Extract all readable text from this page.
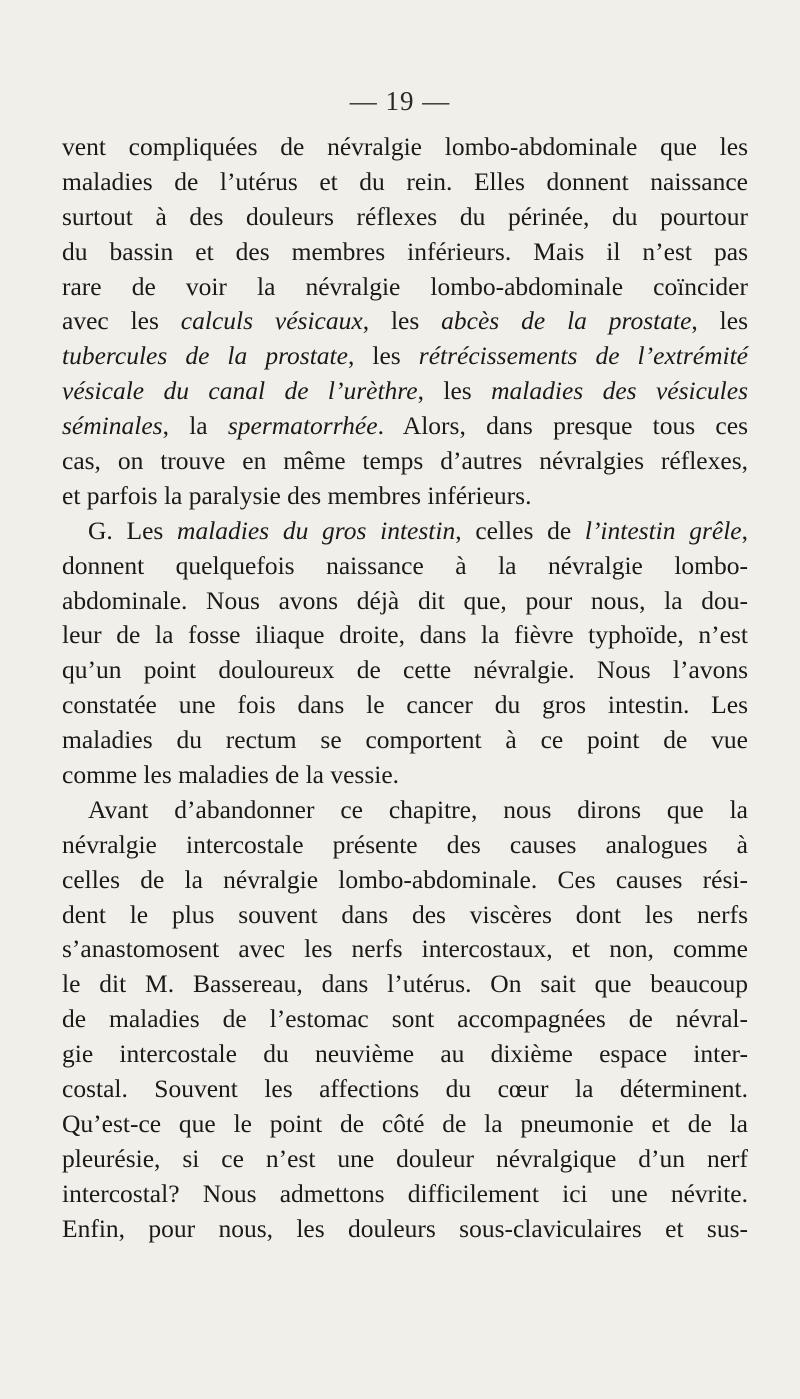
— 19 —
vent compliquées de névralgie lombo-abdominale que les
maladies de l’utérus et du rein. Elles donnent naissance
surtout à des douleurs réflexes du périnée, du pourtour
du bassin et des membres inférieurs. Mais il n’est pas
rare de voir la névralgie lombo-abdominale coïncider
avec les calculs vésicaux, les abcès de la prostate, les
tubercules de la prostate, les rétrécissements de l’extrémité
vésicale du canal de l’urèthre, les maladies des vésicules
séminales, la spermatorrhée. Alors, dans presque tous ces
cas, on trouve en même temps d’autres névralgies réflexes,
et parfois la paralysie des membres inférieurs.
G. Les maladies du gros intestin, celles de l’intestin grêle,
donnent quelquefois naissance à la névralgie lombo-
abdominale. Nous avons déjà dit que, pour nous, la dou-
leur de la fosse iliaque droite, dans la fièvre typhoïde, n’est
qu’un point douloureux de cette névralgie. Nous l’avons
constatée une fois dans le cancer du gros intestin. Les
maladies du rectum se comportent à ce point de vue
comme les maladies de la vessie.
Avant d’abandonner ce chapitre, nous dirons que la
névralgie intercostale présente des causes analogues à
celles de la névralgie lombo-abdominale. Ces causes rési-
dent le plus souvent dans des viscères dont les nerfs
s’anastomosent avec les nerfs intercostaux, et non, comme
le dit M. Bassereau, dans l’utérus. On sait que beaucoup
de maladies de l’estomac sont accompagnées de névral-
gie intercostale du neuvième au dixième espace inter-
costal. Souvent les affections du cœur la déterminent.
Qu’est-ce que le point de côté de la pneumonie et de la
pleurésie, si ce n’est une douleur névralgique d’un nerf
intercostal? Nous admettons difficilement ici une névrite.
Enfin, pour nous, les douleurs sous-claviculaires et sus-
